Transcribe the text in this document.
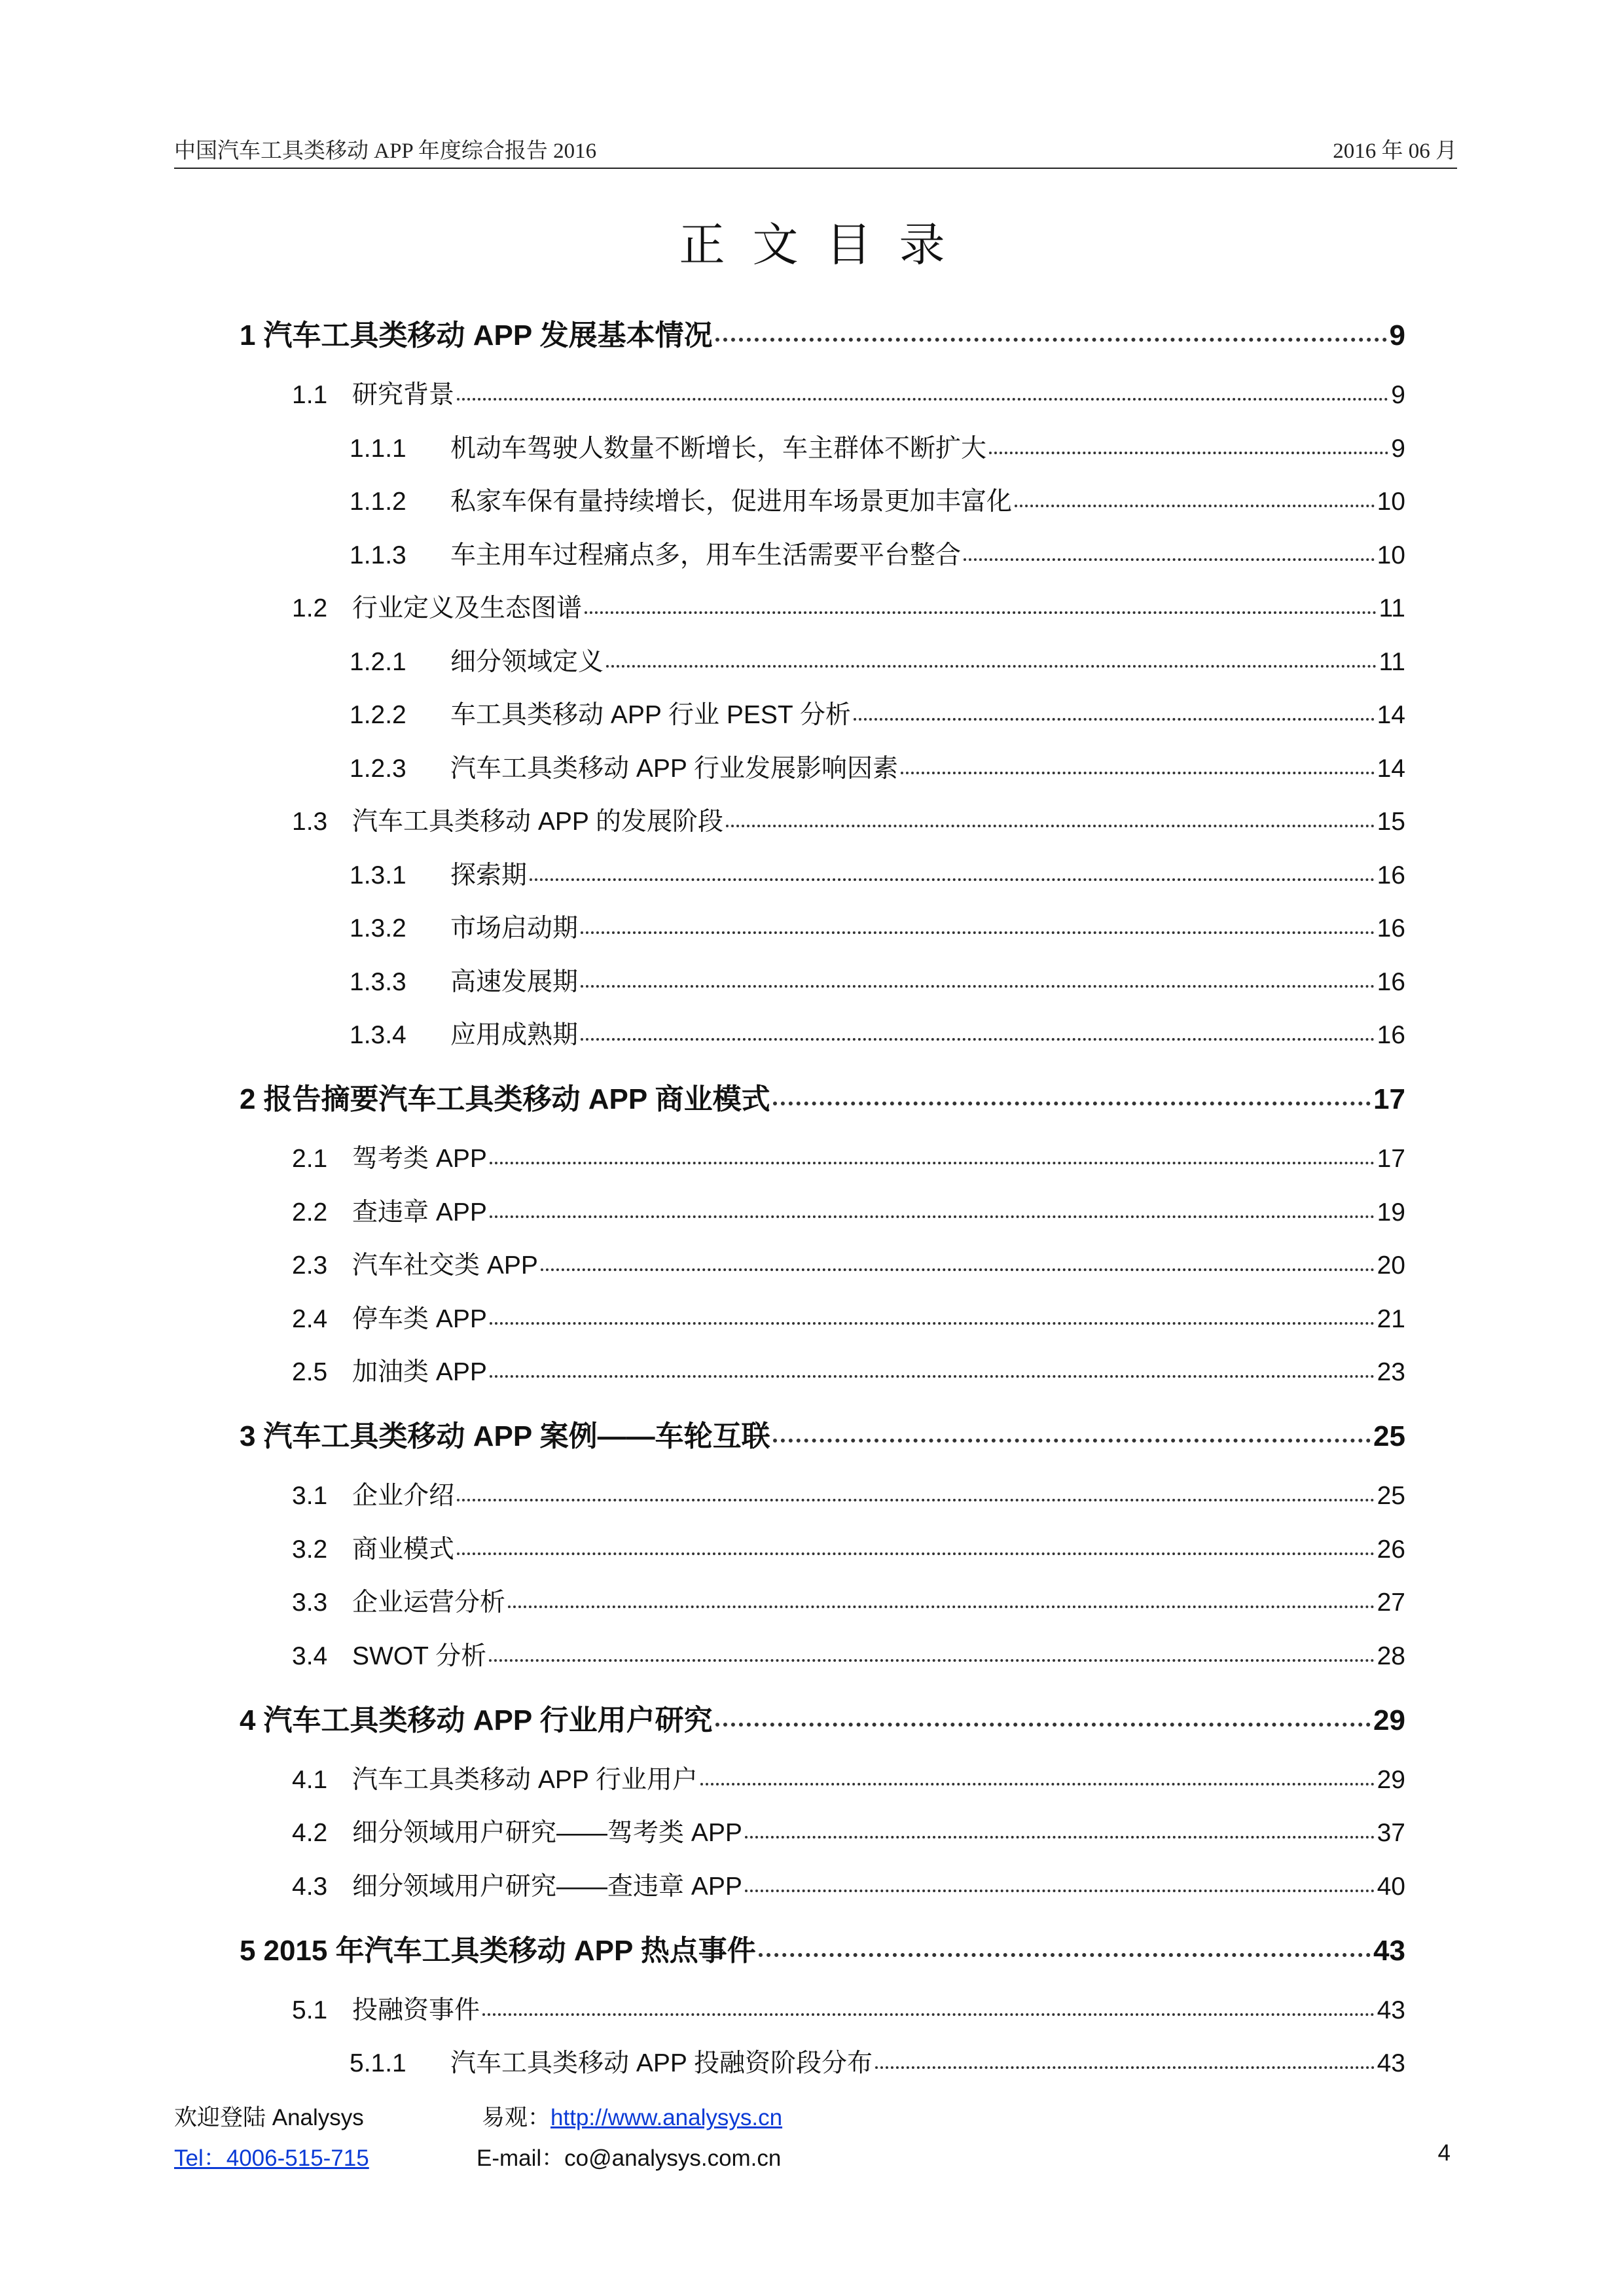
中国汽车工具类移动 APP 年度综合报告 2016	2016 年 06 月
正文目录
1 汽车工具类移动 APP 发展基本情况	9
1.1 研究背景	9
1.1.1	机动车驾驶人数量不断增长，车主群体不断扩大	9
1.1.2	私家车保有量持续增长，促进用车场景更加丰富化	10
1.1.3	车主用车过程痛点多，用车生活需要平台整合	10
1.2 行业定义及生态图谱	11
1.2.1	细分领域定义	11
1.2.2	车工具类移动 APP 行业 PEST 分析	14
1.2.3	汽车工具类移动 APP 行业发展影响因素	14
1.3 汽车工具类移动 APP 的发展阶段	15
1.3.1	探索期	16
1.3.2	市场启动期	16
1.3.3	高速发展期	16
1.3.4	应用成熟期	16
2 报告摘要汽车工具类移动 APP 商业模式	17
2.1 驾考类 APP	17
2.2 查违章 APP	19
2.3 汽车社交类 APP	20
2.4 停车类 APP	21
2.5 加油类 APP	23
3 汽车工具类移动 APP 案例——车轮互联	25
3.1 企业介绍	25
3.2 商业模式	26
3.3 企业运营分析	27
3.4 SWOT 分析	28
4 汽车工具类移动 APP 行业用户研究	29
4.1 汽车工具类移动 APP 行业用户	29
4.2 细分领域用户研究——驾考类 APP	37
4.3 细分领域用户研究——查违章 APP	40
5 2015 年汽车工具类移动 APP 热点事件	43
5.1 投融资事件	43
5.1.1	汽车工具类移动 APP 投融资阶段分布	43
欢迎登陆 Analysys	易观：http://www.analysys.cn
Tel：4006-515-715	E-mail：co@analysys.com.cn	4
